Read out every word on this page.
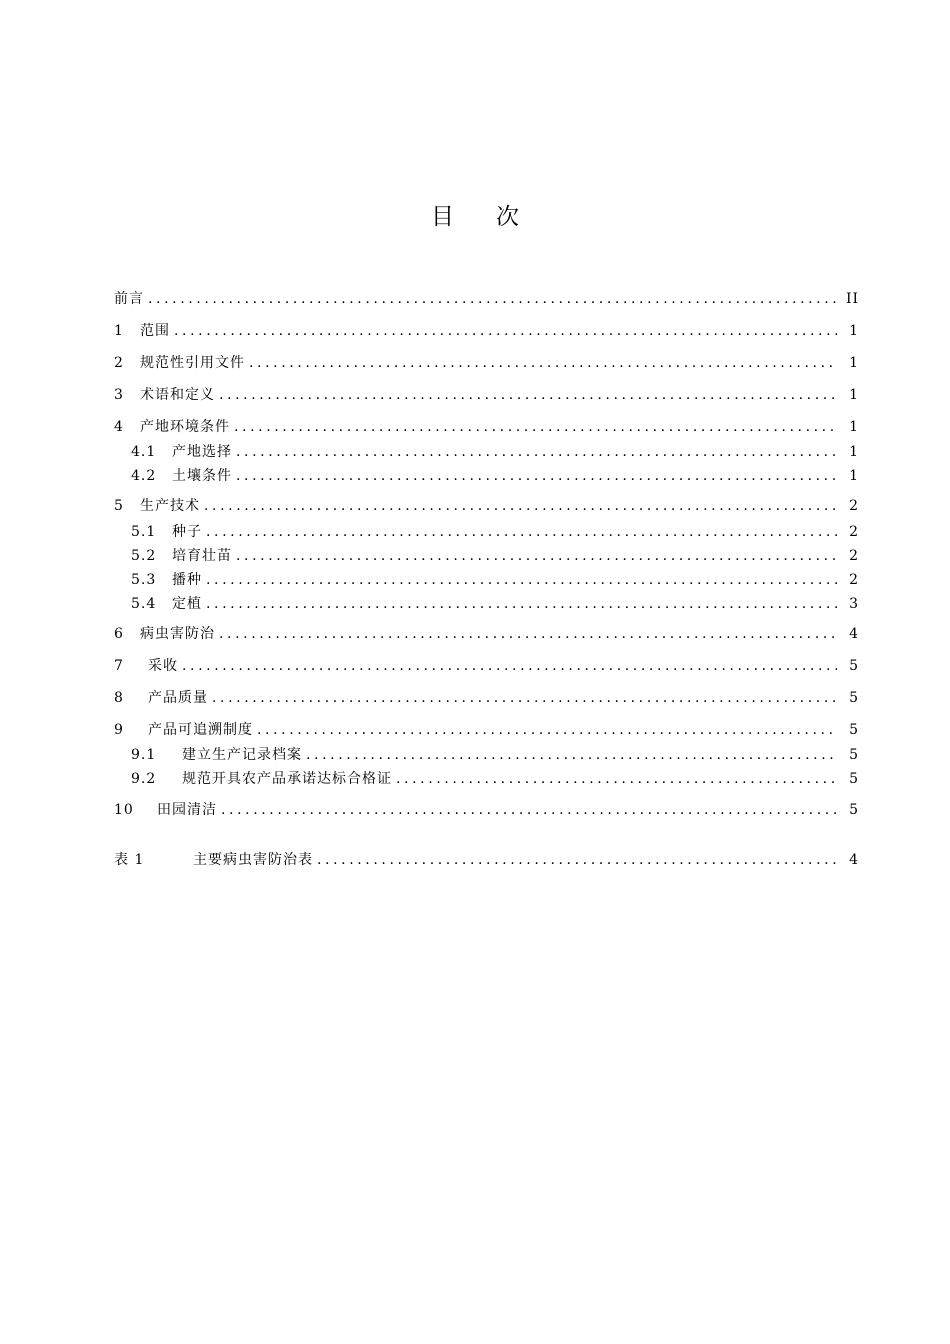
目 次
前言 .....	II
1	范围 .....	1
2	规范性引用文件 .....	1
3	术语和定义 .....	1
4	产地环境条件 .....	1
4.1	产地选择 .....	1
4.2	土壤条件 .....	1
5	生产技术 .....	2
5.1	种子 .....	2
5.2	培育壮苗 .....	2
5.3	播种 .....	2
5.4	定植 .....	3
6	病虫害防治 .....	4
7	采收 .....	5
8	产品质量 .....	5
9	产品可追溯制度 .....	5
9.1	建立生产记录档案 .....	5
9.2	规范开具农产品承诺达标合格证 .....	5
10	田园清洁 .....	5
表 1	主要病虫害防治表 .....	4
